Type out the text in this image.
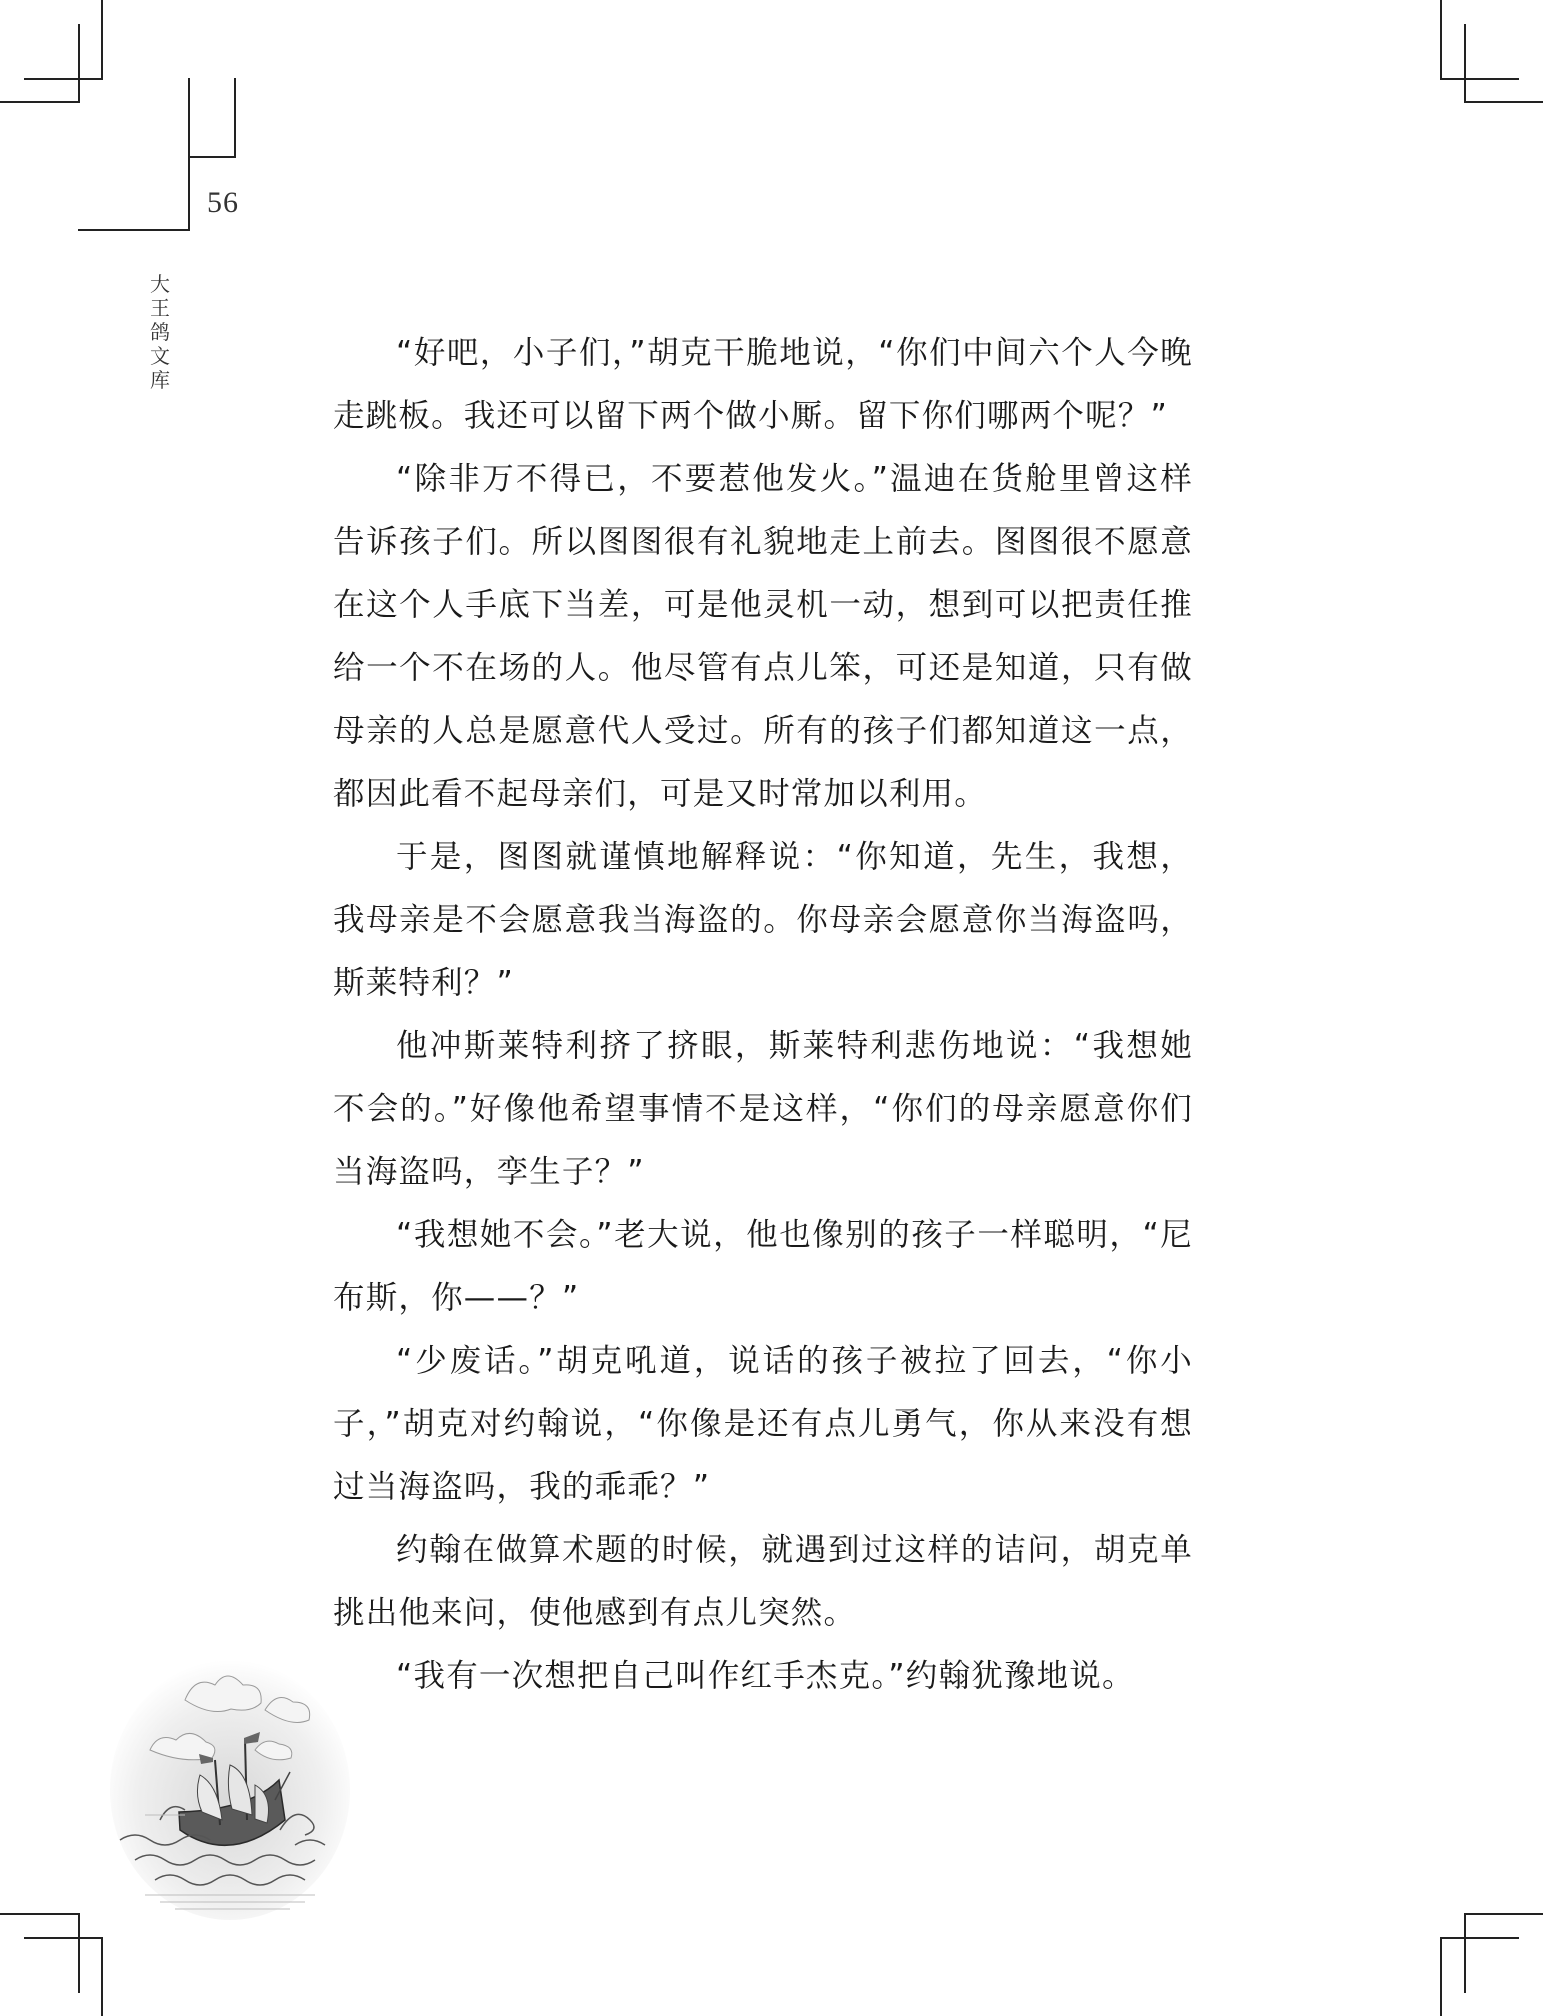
56
大
王
鸽
文
库

“好吧，小子们，”胡克干脆地说，“你们中间六个人今晚走跳板。我还可以留下两个做小厮。留下你们哪两个呢？”

“除非万不得已，不要惹他发火。”温迪在货舱里曾这样告诉孩子们。所以图图很有礼貌地走上前去。图图很不愿意在这个人手底下当差，可是他灵机一动，想到可以把责任推给一个不在场的人。他尽管有点儿笨，可还是知道，只有做母亲的人总是愿意代人受过。所有的孩子们都知道这一点，都因此看不起母亲们，可是又时常加以利用。

于是，图图就谨慎地解释说：“你知道，先生，我想，我母亲是不会愿意我当海盗的。你母亲会愿意你当海盗吗，斯莱特利？”

他冲斯莱特利挤了挤眼，斯莱特利悲伤地说：“我想她不会的。”好像他希望事情不是这样，“你们的母亲愿意你们当海盗吗，孪生子？”

“我想她不会。”老大说，他也像别的孩子一样聪明，“尼布斯，你——？”

“少废话。”胡克吼道，说话的孩子被拉了回去，“你小子，”胡克对约翰说，“你像是还有点儿勇气，你从来没有想过当海盗吗，我的乖乖？”

约翰在做算术题的时候，就遇到过这样的诘问，胡克单挑出他来问，使他感到有点儿突然。

“我有一次想把自己叫作红手杰克。”约翰犹豫地说。
